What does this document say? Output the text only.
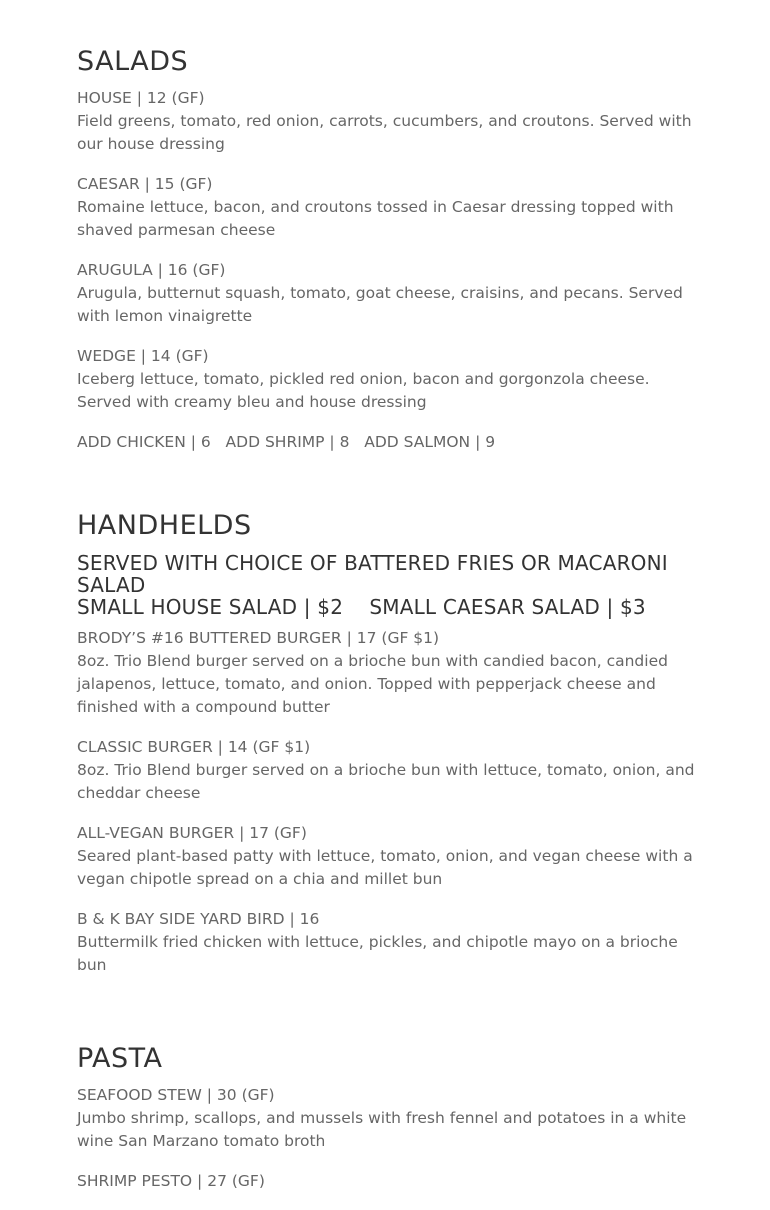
SALADS

HOUSE | 12 (GF)

Field greens, tomato, red onion, carrots, cucumbers, and croutons. Served with our house dressing

CAESAR | 15 (GF)

Romaine lettuce, bacon, and croutons tossed in Caesar dressing topped with shaved parmesan cheese

ARUGULA | 16 (GF)

Arugula, butternut squash, tomato, goat cheese, craisins, and pecans. Served with lemon vinaigrette

WEDGE | 14 (GF)

Iceberg lettuce, tomato, pickled red onion, bacon and gorgonzola cheese. Served with creamy bleu and house dressing

ADD CHICKEN | 6   ADD SHRIMP | 8   ADD SALMON | 9
HANDHELDS

SERVED WITH CHOICE OF BATTERED FRIES OR MACARONI SALAD

SMALL HOUSE SALAD | $2    SMALL CAESAR SALAD | $3

BRODY’S #16 BUTTERED BURGER | 17 (GF $1)

8oz. Trio Blend burger served on a brioche bun with candied bacon, candied jalapenos, lettuce, tomato, and onion. Topped with pepperjack cheese and finished with a compound butter

CLASSIC BURGER | 14 (GF $1)

8oz. Trio Blend burger served on a brioche bun with lettuce, tomato, onion, and cheddar cheese

ALL-VEGAN BURGER | 17 (GF)

Seared plant-based patty with lettuce, tomato, onion, and vegan cheese with a vegan chipotle spread on a chia and millet bun

B & K BAY SIDE YARD BIRD | 16

Buttermilk fried chicken with lettuce, pickles, and chipotle mayo on a brioche bun

PASTA

SEAFOOD STEW | 30 (GF)

Jumbo shrimp, scallops, and mussels with fresh fennel and potatoes in a white wine San Marzano tomato broth

SHRIMP PESTO | 27 (GF)
